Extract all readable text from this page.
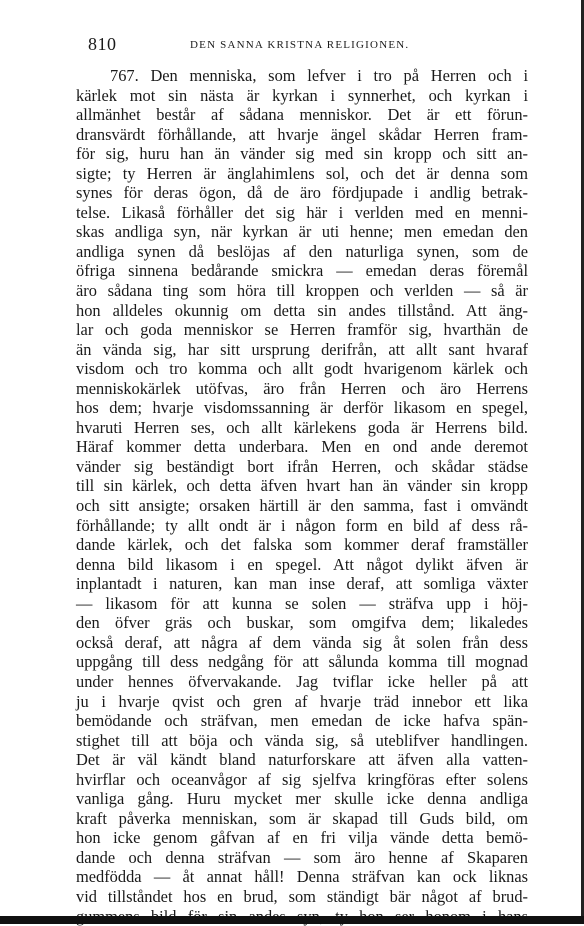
810	DEN SANNA KRISTNA RELIGIONEN.
767. Den menniska, som lefver i tro på Herren och i
kärlek mot sin nästa är kyrkan i synnerhet, och kyrkan i
allmänhet består af sådana menniskor. Det är ett förun-
dransvärdt förhållande, att hvarje ängel skådar Herren fram-
för sig, huru han än vänder sig med sin kropp och sitt an-
sigte; ty Herren är änglahimlens sol, och det är denna som
synes för deras ögon, då de äro fördjupade i andlig betrak-
telse. Likaså förhåller det sig här i verlden med en menni-
skas andliga syn, när kyrkan är uti henne; men emedan den
andliga synen då beslöjas af den naturliga synen, som de
öfriga sinnena bedårande smickra — emedan deras föremål
äro sådana ting som höra till kroppen och verlden — så är
hon alldeles okunnig om detta sin andes tillstånd. Att äng-
lar och goda menniskor se Herren framför sig, hvarthän de
än vända sig, har sitt ursprung derifrån, att allt sant hvaraf
visdom och tro komma och allt godt hvarigenom kärlek och
menniskokärlek utöfvas, äro från Herren och äro Herrens
hos dem; hvarje visdomssanning är derför likasom en spegel,
hvaruti Herren ses, och allt kärlekens goda är Herrens bild.
Häraf kommer detta underbara. Men en ond ande deremot
vänder sig beständigt bort ifrån Herren, och skådar städse
till sin kärlek, och detta äfven hvart han än vänder sin kropp
och sitt ansigte; orsaken härtill är den samma, fast i omvändt
förhållande; ty allt ondt är i någon form en bild af dess rå-
dande kärlek, och det falska som kommer deraf framställer
denna bild likasom i en spegel. Att något dylikt äfven är
inplantadt i naturen, kan man inse deraf, att somliga växter
— likasom för att kunna se solen — sträfva upp i höj-
den öfver gräs och buskar, som omgifva dem; likaledes
också deraf, att några af dem vända sig åt solen från dess
uppgång till dess nedgång för att sålunda komma till mognad
under hennes öfvervakande. Jag tviflar icke heller på att
ju i hvarje qvist och gren af hvarje träd innebor ett lika
bemödande och sträfvan, men emedan de icke hafva spän-
stighet till att böja och vända sig, så uteblifver handlingen.
Det är väl kändt bland naturforskare att äfven alla vatten-
hvirflar och oceanvågor af sig sjelfva kringföras efter solens
vanliga gång. Huru mycket mer skulle icke denna andliga
kraft påverka menniskan, som är skapad till Guds bild, om
hon icke genom gåfvan af en fri vilja vände detta bemö-
dande och denna sträfvan — som äro henne af Skaparen
medfödda — åt annat håll! Denna sträfvan kan ock liknas
vid tillståndet hos en brud, som ständigt bär något af brud-
